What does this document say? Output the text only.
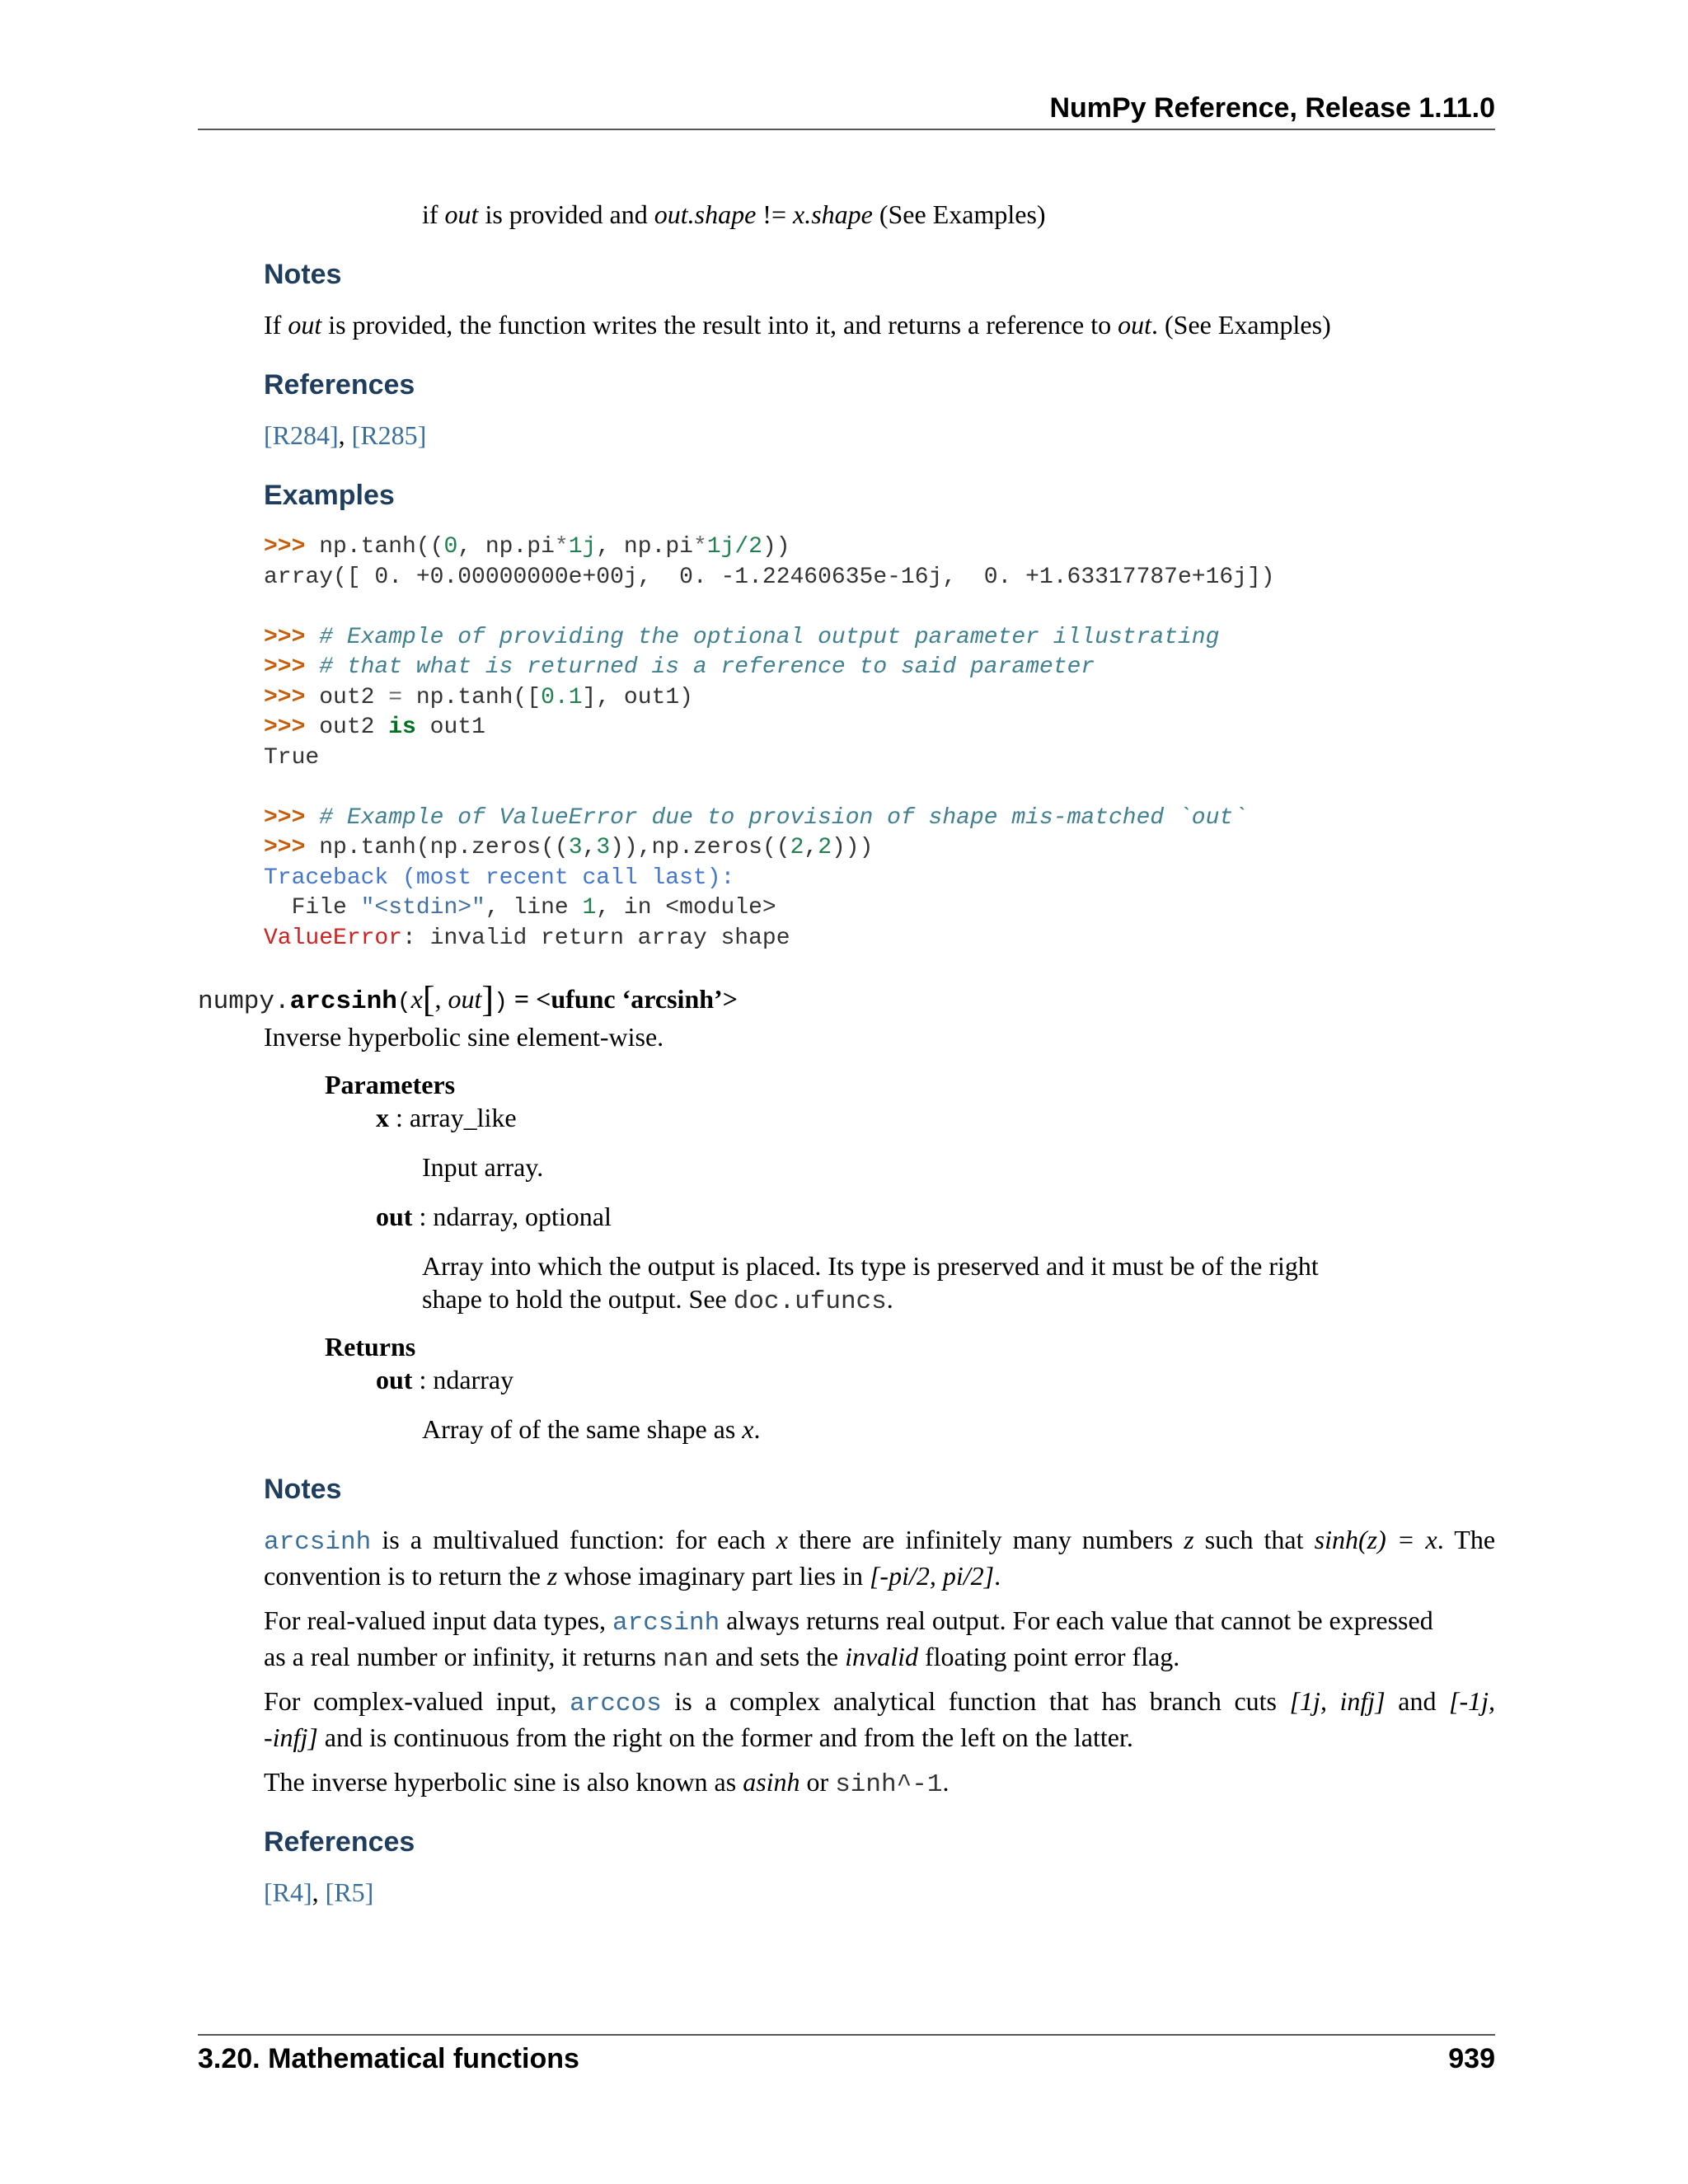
NumPy Reference, Release 1.11.0

if out is provided and out.shape != x.shape (See Examples)

Notes

If out is provided, the function writes the result into it, and returns a reference to out. (See Examples)

References

[R284], [R285]

Examples
>>> np.tanh((0, np.pi*1j, np.pi*1j/2))
array([ 0. +0.00000000e+00j,  0. -1.22460635e-16j,  0. +1.63317787e+16j])

>>> # Example of providing the optional output parameter illustrating
>>> # that what is returned is a reference to said parameter
>>> out2 = np.tanh([0.1], out1)
>>> out2 is out1
True

>>> # Example of ValueError due to provision of shape mis-matched `out`
>>> np.tanh(np.zeros((3,3)),np.zeros((2,2)))
Traceback (most recent call last):
File "<stdin>", line 1, in <module>
ValueError: invalid return array shape
numpy.arcsinh(x[, out]) = <ufunc ‘arcsinh’>

Inverse hyperbolic sine element-wise.

Parameters

x : array_like

Input array.

out : ndarray, optional

Array into which the output is placed. Its type is preserved and it must be of the right

shape to hold the output. See doc.ufuncs.

Returns

out : ndarray

Array of of the same shape as x.

Notes
arcsinh is a multivalued function: for each x there are infinitely many numbers z such that sinh(z) = x. The
convention is to return the z whose imaginary part lies in [-pi/2, pi/2].
For real-valued input data types, arcsinh always returns real output. For each value that cannot be expressed
as a real number or infinity, it returns nan and sets the invalid floating point error flag.
For complex-valued input, arccos is a complex analytical function that has branch cuts [1j, infj] and [-1j,
-infj] and is continuous from the right on the former and from the left on the latter.

The inverse hyperbolic sine is also known as asinh or sinh^-1.

References

[R4], [R5]

3.20. Mathematical functions	939
